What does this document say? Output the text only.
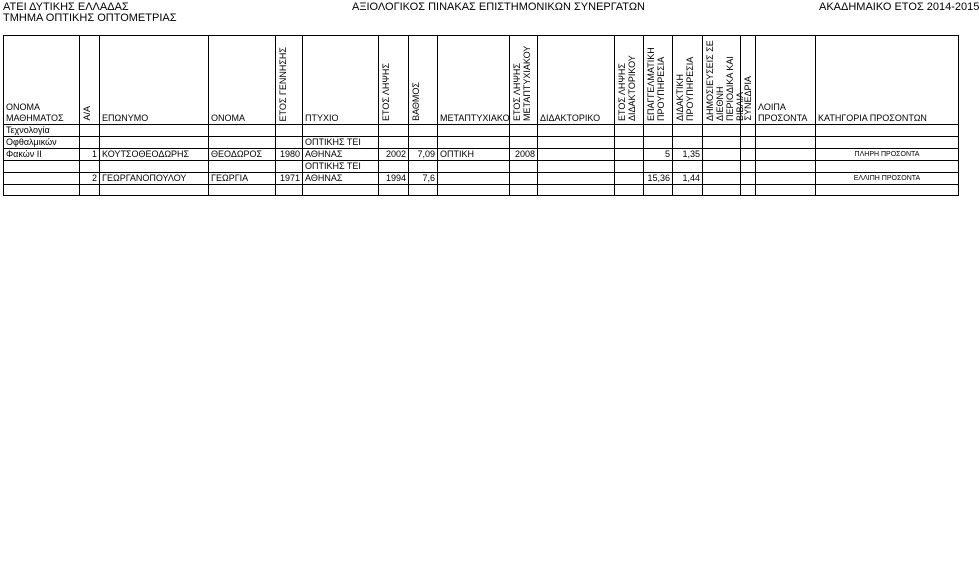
ΑΤΕΙ ΔΥΤΙΚΗΣ ΕΛΛΑΔΑΣ
ΤΜΗΜΑ ΟΠΤΙΚΗΣ ΟΠΤΟΜΕΤΡΙΑΣ
ΑΞΙΟΛΟΓΙΚΟΣ ΠΙΝΑΚΑΣ ΕΠΙΣΤΗΜΟΝΙΚΩΝ ΣΥΝΕΡΓΑΤΩΝ	ΑΚΑΔΗΜΑΙΚΟ ΕΤΟΣ 2014-2015
ΟΝΟΜΑ ΜΑΘΗΜΑΤΟΣ	Α/Α	ΕΠΩΝΥΜΟ	ΟΝΟΜΑ	ΕΤΟΣ ΓΕΝΝΗΣΗΣ	ΠΤΥΧΙΟ	ΕΤΟΣ ΛΗΨΗΣ	ΒΑΘΜΟΣ	ΜΕΤΑΠΤΥΧΙΑΚΟ	ΕΤΟΣ ΛΗΨΗΣ ΜΕΤΑΠΤΥΧΙΑΚΟΥ	ΔΙΔΑΚΤΟΡΙΚΟ	ΕΤΟΣ ΛΗΨΗΣ ΔΙΔΑΚΤΟΡΙΚΟΥ	ΕΠΑΓΓΕΛΜΑΤΙΚΗ ΠΡΟΥΠΗΡΕΣΙΑ	ΔΙΔΑΚΤΙΚΗ ΠΡΟΥΠΗΡΕΣΙΑ	ΔΗΜΟΣΙΕΥΣΕΙΣ ΣΕ ΔΙΕΘΝΗ ΠΕΡΙΟΔΙΚΑ ΚΑΙ ΒΙΒΛΙΑ	ΣΥΝΕΔΡΙΑ	ΛΟΙΠΑ ΠΡΟΣΟΝΤΑ	ΚΑΤΗΓΟΡΙΑ ΠΡΟΣΟΝΤΩΝ
Τεχνολογία																	
Οφθαλμικών					ΟΠΤΙΚΗΣ ΤΕΙ												
Φακών ΙΙ	1	ΚΟΥΤΣΟΘΕΟΔΩΡΗΣ	ΘΕΟΔΩΡΟΣ	1980	ΑΘΗΝΑΣ	2002	7,09	ΟΠΤΙΚΗ	2008			5	1,35				ΠΛΗΡΗ ΠΡΟΣΟΝΤΑ
					ΟΠΤΙΚΗΣ ΤΕΙ												
	2	ΓΕΩΡΓΑΝΟΠΟΥΛΟΥ	ΓΕΩΡΓΙΑ	1971	ΑΘΗΝΑΣ	1994	7,6					15,36	1,44				ΕΛΛΙΠΗ ΠΡΟΣΟΝΤΑ
